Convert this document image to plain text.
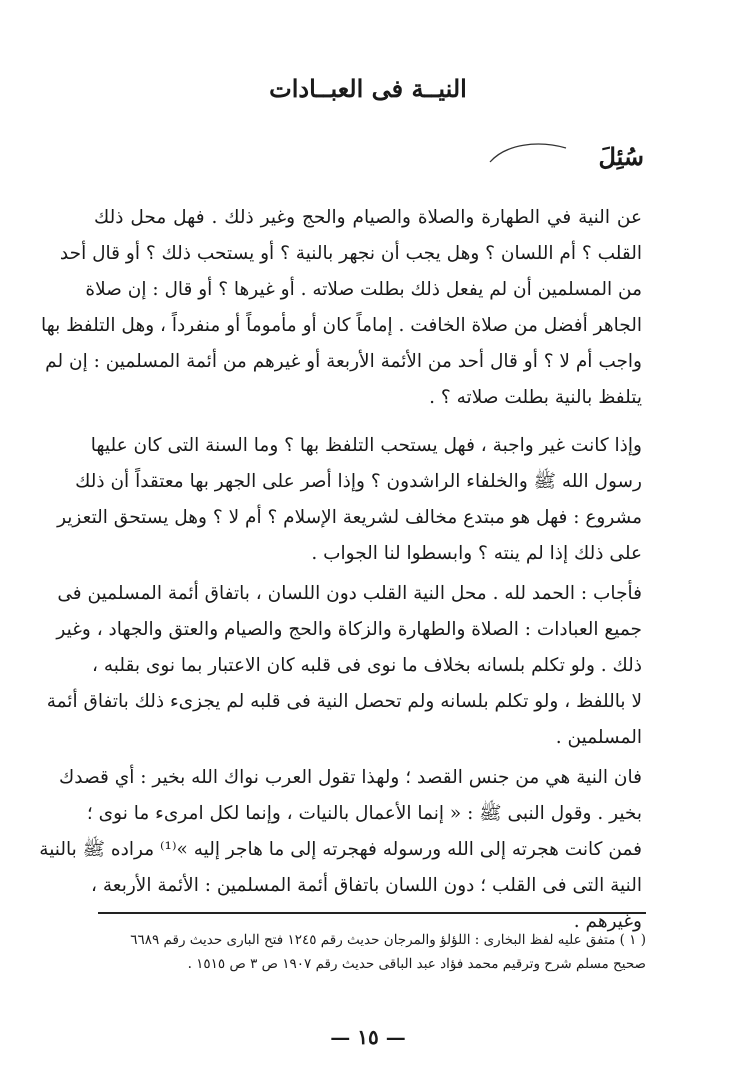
النيــة فى العبــادات
سُئِلَ
عن النية في الطهارة والصلاة والصيام والحج وغير ذلك . فهل محل ذلك
القلب ؟ أم اللسان ؟ وهل يجب أن نجهر بالنية ؟ أو يستحب ذلك ؟ أو قال أحد
من المسلمين أن لم يفعل ذلك بطلت صلاته . أو غيرها ؟ أو قال : إن صلاة
الجاهر أفضل من صلاة الخافت . إماماً كان أو مأموماً أو منفرداً ، وهل التلفظ بها
واجب أم لا ؟ أو قال أحد من الأئمة الأربعة أو غيرهم من أئمة المسلمين : إن لم
يتلفظ بالنية بطلت صلاته ؟ .
وإذا كانت غير واجبة ، فهل يستحب التلفظ بها ؟ وما السنة التى كان عليها
رسول الله ﷺ والخلفاء الراشدون ؟ وإذا أصر على الجهر بها معتقداً أن ذلك
مشروع : فهل هو مبتدع مخالف لشريعة الإسلام ؟ أم لا ؟ وهل يستحق التعزير
على ذلك إذا لم ينته ؟ وابسطوا لنا الجواب .
فأجاب : الحمد لله . محل النية القلب دون اللسان ، باتفاق أئمة المسلمين فى
جميع العبادات : الصلاة والطهارة والزكاة والحج والصيام والعتق والجهاد ، وغير
ذلك . ولو تكلم بلسانه بخلاف ما نوى فى قلبه كان الاعتبار بما نوى بقلبه ،
لا باللفظ ، ولو تكلم بلسانه ولم تحصل النية فى قلبه لم يجزىء ذلك باتفاق أئمة
المسلمين .
فان النية هي من جنس القصد ؛ ولهذا تقول العرب نواك الله بخير : أي قصدك
بخير . وقول النبى ﷺ : « إنما الأعمال بالنيات ، وإنما لكل امرىء ما نوى ؛
فمن كانت هجرته إلى الله ورسوله فهجرته إلى ما هاجر إليه »⁽¹⁾ مراده ﷺ بالنية
النية التى فى القلب ؛ دون اللسان باتفاق أئمة المسلمين : الأئمة الأربعة ،
وغيرهم .
( ١ ) متفق عليه لفظ البخارى : اللؤلؤ والمرجان حديث رقم ١٢٤٥ فتح البارى حديث رقم ٦٦٨٩
صحيح مسلم شرح وترقيم محمد فؤاد عبد الباقى حديث رقم ١٩٠٧ ص ٣ ص ١٥١٥ .
— ١٥ —
